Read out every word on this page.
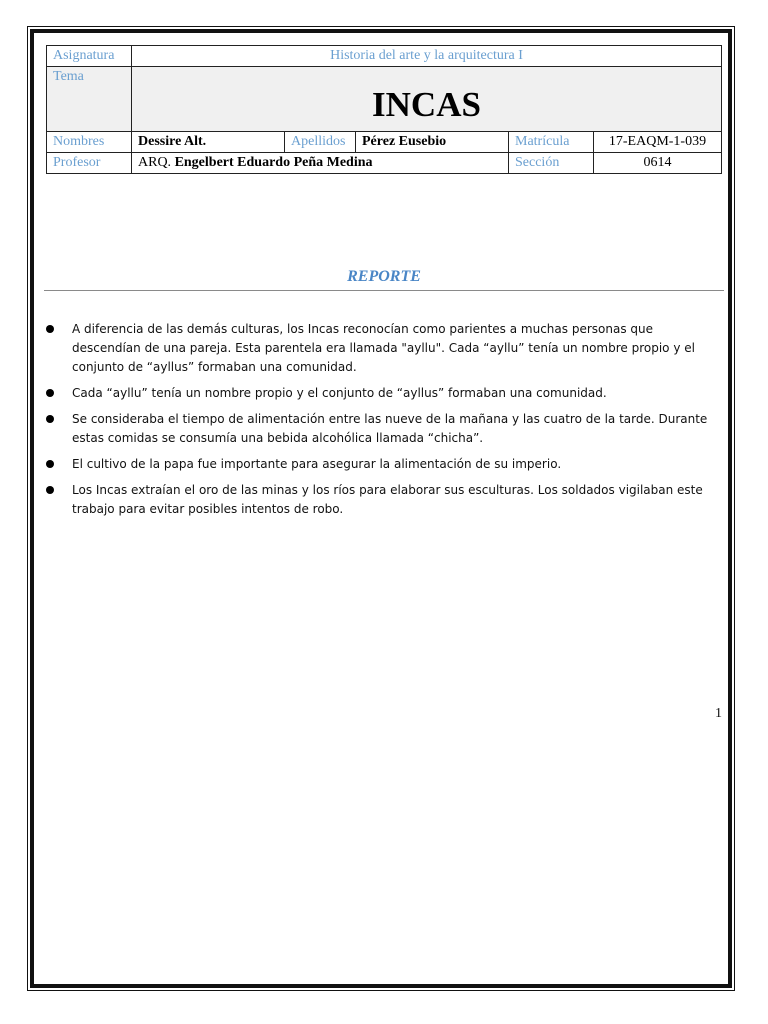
Asignatura	Historia del arte y la arquitectura I				
Tema	INCAS				

Nombres	Dessire Alt.	Apellidos	Pérez Eusebio	Matrícula	17-EAQM-1-039
Profesor	ARQ. Engelbert Eduardo Peña Medina			Sección	0614
REPORTE
A diferencia de las demás culturas, los Incas reconocían como parientes a muchas personas que descendían de una pareja. Esta parentela era llamada "ayllu". Cada “ayllu” tenía un nombre propio y el conjunto de “ayllus” formaban una comunidad.
Cada “ayllu” tenía un nombre propio y el conjunto de “ayllus” formaban una comunidad.
Se consideraba el tiempo de alimentación entre las nueve de la mañana y las cuatro de la tarde. Durante estas comidas se consumía una bebida alcohólica llamada “chicha”.
El cultivo de la papa fue importante para asegurar la alimentación de su imperio.
Los Incas extraían el oro de las minas y los ríos para elaborar sus esculturas. Los soldados vigilaban este trabajo para evitar posibles intentos de robo.
1
